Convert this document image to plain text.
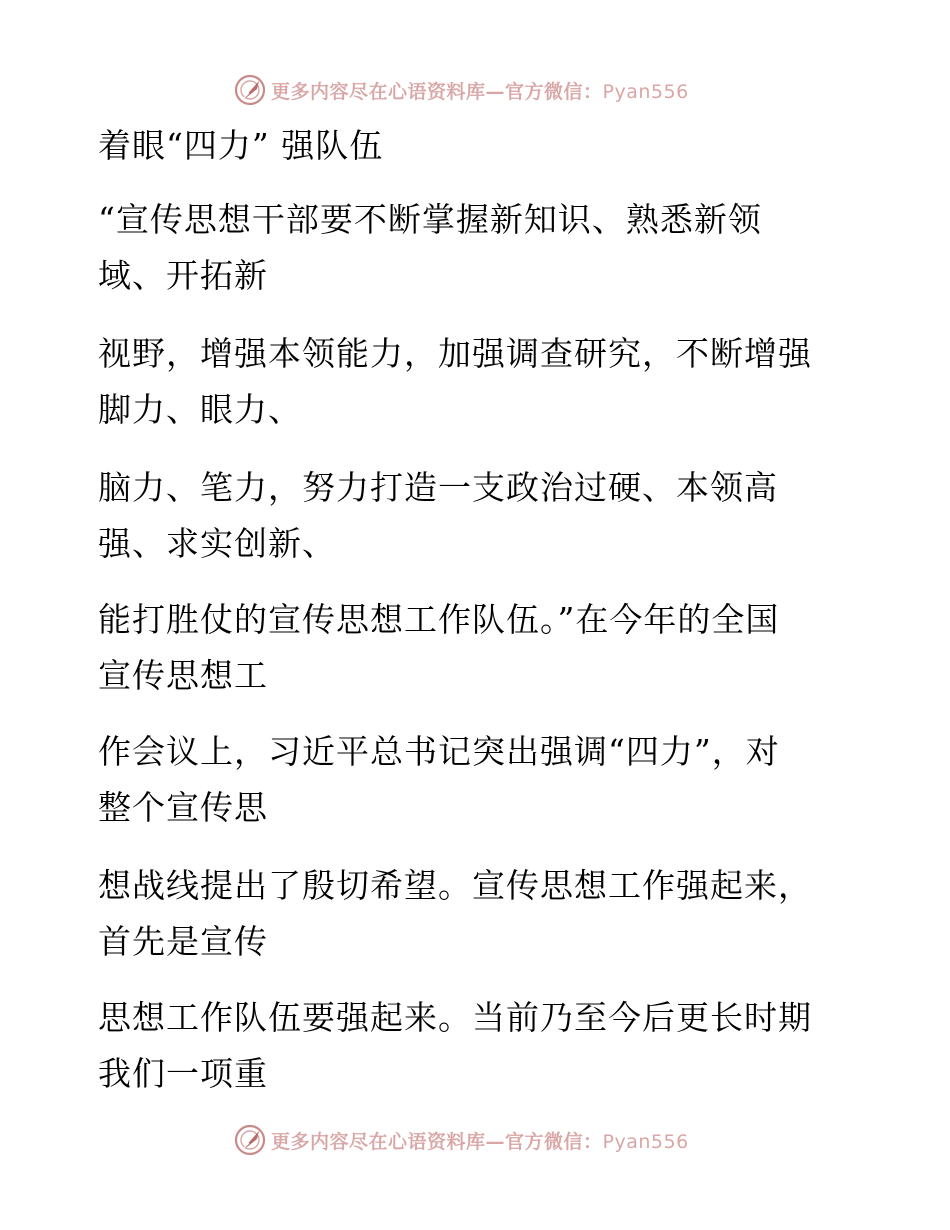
更多内容尽在心语资料库—官方微信：Pyan556
着眼“四力” 强队伍
“宣传思想干部要不断掌握新知识、熟悉新领
域、开拓新
视野，增强本领能力，加强调查研究，不断增强
脚力、眼力、
脑力、笔力，努力打造一支政治过硬、本领高
强、求实创新、
能打胜仗的宣传思想工作队伍。”在今年的全国
宣传思想工
作会议上，习近平总书记突出强调“四力”，对
整个宣传思
想战线提出了殷切希望。宣传思想工作强起来，
首先是宣传
思想工作队伍要强起来。当前乃至今后更长时期
我们一项重
更多内容尽在心语资料库—官方微信：Pyan556
